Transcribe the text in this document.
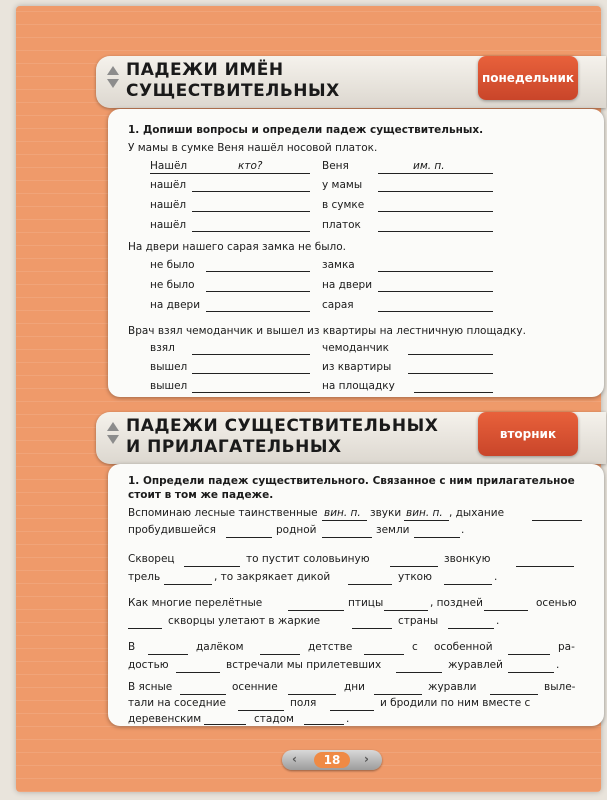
ПАДЕЖИ ИМЁН
СУЩЕСТВИТЕЛЬНЫХ
понедельник
1. Допиши вопросы и определи падеж существительных.
У мамы в сумке Веня нашёл носовой платок.
Нашёл	кто?	Веня	им. п.
нашёл	у мамы
нашёл	в сумке
нашёл	платок
На двери нашего сарая замка не было.
не было	замка
не было	на двери
на двери	сарая
Врач взял чемоданчик и вышел из квартиры на лестничную площадку.
взял	чемоданчик
вышел	из квартиры
вышел	на площадку
ПАДЕЖИ СУЩЕСТВИТЕЛЬНЫХ
И ПРИЛАГАТЕЛЬНЫХ
вторник
1. Определи падеж существительного. Связанное с ним прилагательное
стоит в том же падеже.
Вспоминаю лесные таинственные вин. п. звуки вин. п. , дыхание
пробудившейся	родной	земли	.
Скворец	то пустит соловьиную	звонкую
трель	, то закрякает дикой	уткою	.
Как многие перелётные	птицы	, поздней	осенью
скворцы улетают в жаркие	страны	.
В	далёком	детстве	с особенной	ра-
достью	встречали мы прилетевших	журавлей	.
В ясные	осенние	дни	журавли	выле-
тали на соседние	поля	и бродили по ним вместе с
деревенским	стадом	.
‹	18	›
